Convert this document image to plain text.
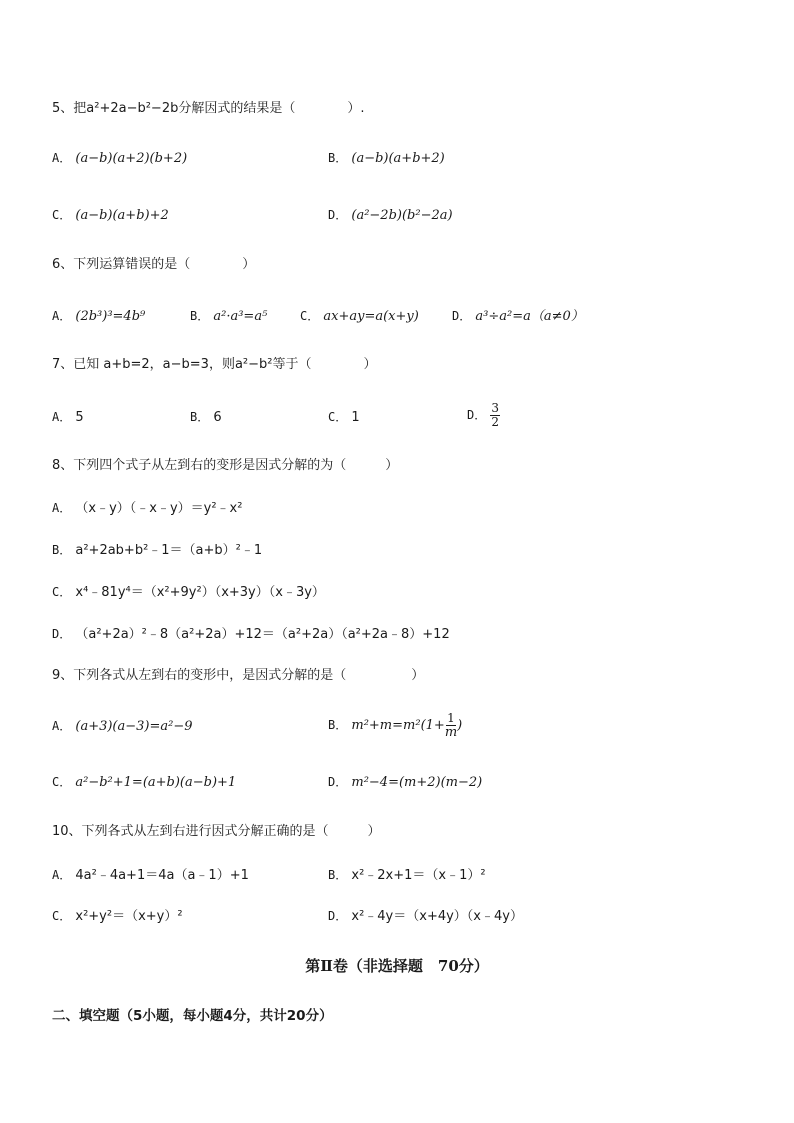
5、把a²+2a−b²−2b分解因式的结果是（　　　　）.
A． (a−b)(a+2)(b+2)	B． (a−b)(a+b+2)
C． (a−b)(a+b)+2	D． (a²−2b)(b²−2a)
6、下列运算错误的是（　　　　）
A． (2b³)³=4b⁹	B． a²·a³=a⁵	C． ax+ay=a(x+y)	D． a³÷a²=a（a≠0）
7、已知 a+b=2，a−b=3，则a²−b²等于（　　　　）
A． 5	B． 6	C． 1	D． $\frac{3}{2}$
8、下列四个式子从左到右的变形是因式分解的为（　　　）
A． （x﹣y）（﹣x﹣y）＝y²﹣x²
B． a²+2ab+b²﹣1＝（a+b）²﹣1
C． x⁴﹣81y⁴＝（x²+9y²）（x+3y）（x﹣3y）
D． （a²+2a）²﹣8（a²+2a）+12＝（a²+2a）（a²+2a﹣8）+12
9、下列各式从左到右的变形中，是因式分解的是（　　　　　）
A． (a+3)(a−3)=a²−9	B． $m^2+m=m^2(1+ \frac{1}{m}$ )
C． a²−b²+1=(a+b)(a−b)+1	D． m²−4=(m+2)(m−2)
10、下列各式从左到右进行因式分解正确的是（　　　）
A． 4a²﹣4a+1＝4a（a﹣1）+1	B． x²﹣2x+1＝（x﹣1）²
C． x²+y²＝（x+y）²	D． x²﹣4y＝（x+4y）（x﹣4y）
第Ⅱ卷（非选择题　70分）
二、填空题（5小题，每小题4分，共计20分）
